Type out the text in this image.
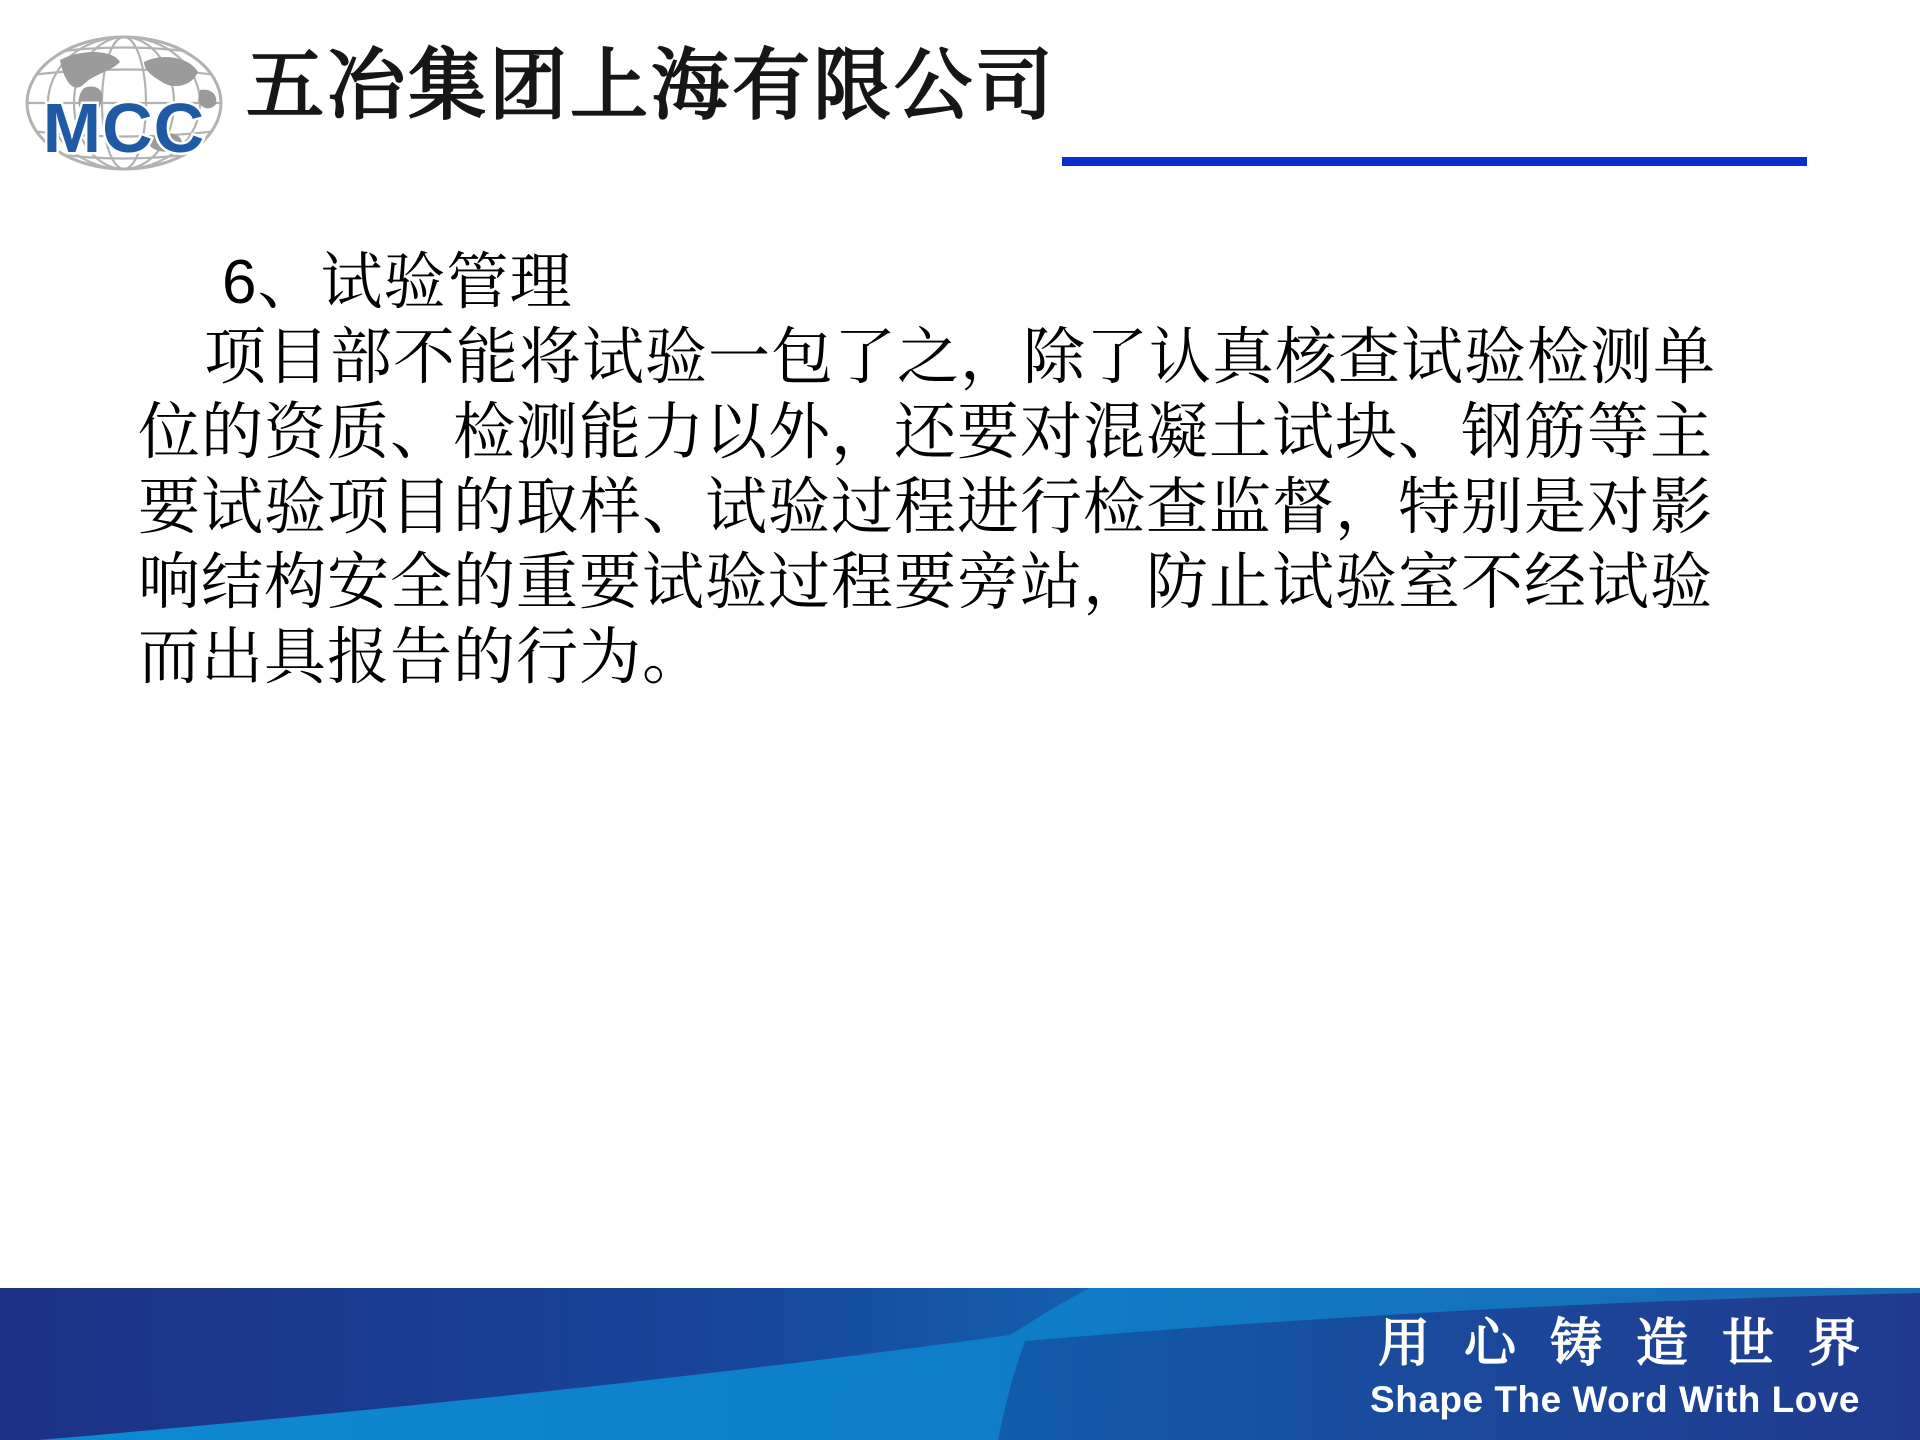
MCC 五冶集团上海有限公司
6、试验管理
项目部不能将试验一包了之，除了认真核查试验检测单
位的资质、检测能力以外，还要对混凝土试块、钢筋等主
要试验项目的取样、试验过程进行检查监督，特别是对影
响结构安全的重要试验过程要旁站，防止试验室不经试验
而出具报告的行为。
用心铸造世界
Shape The Word With Love
